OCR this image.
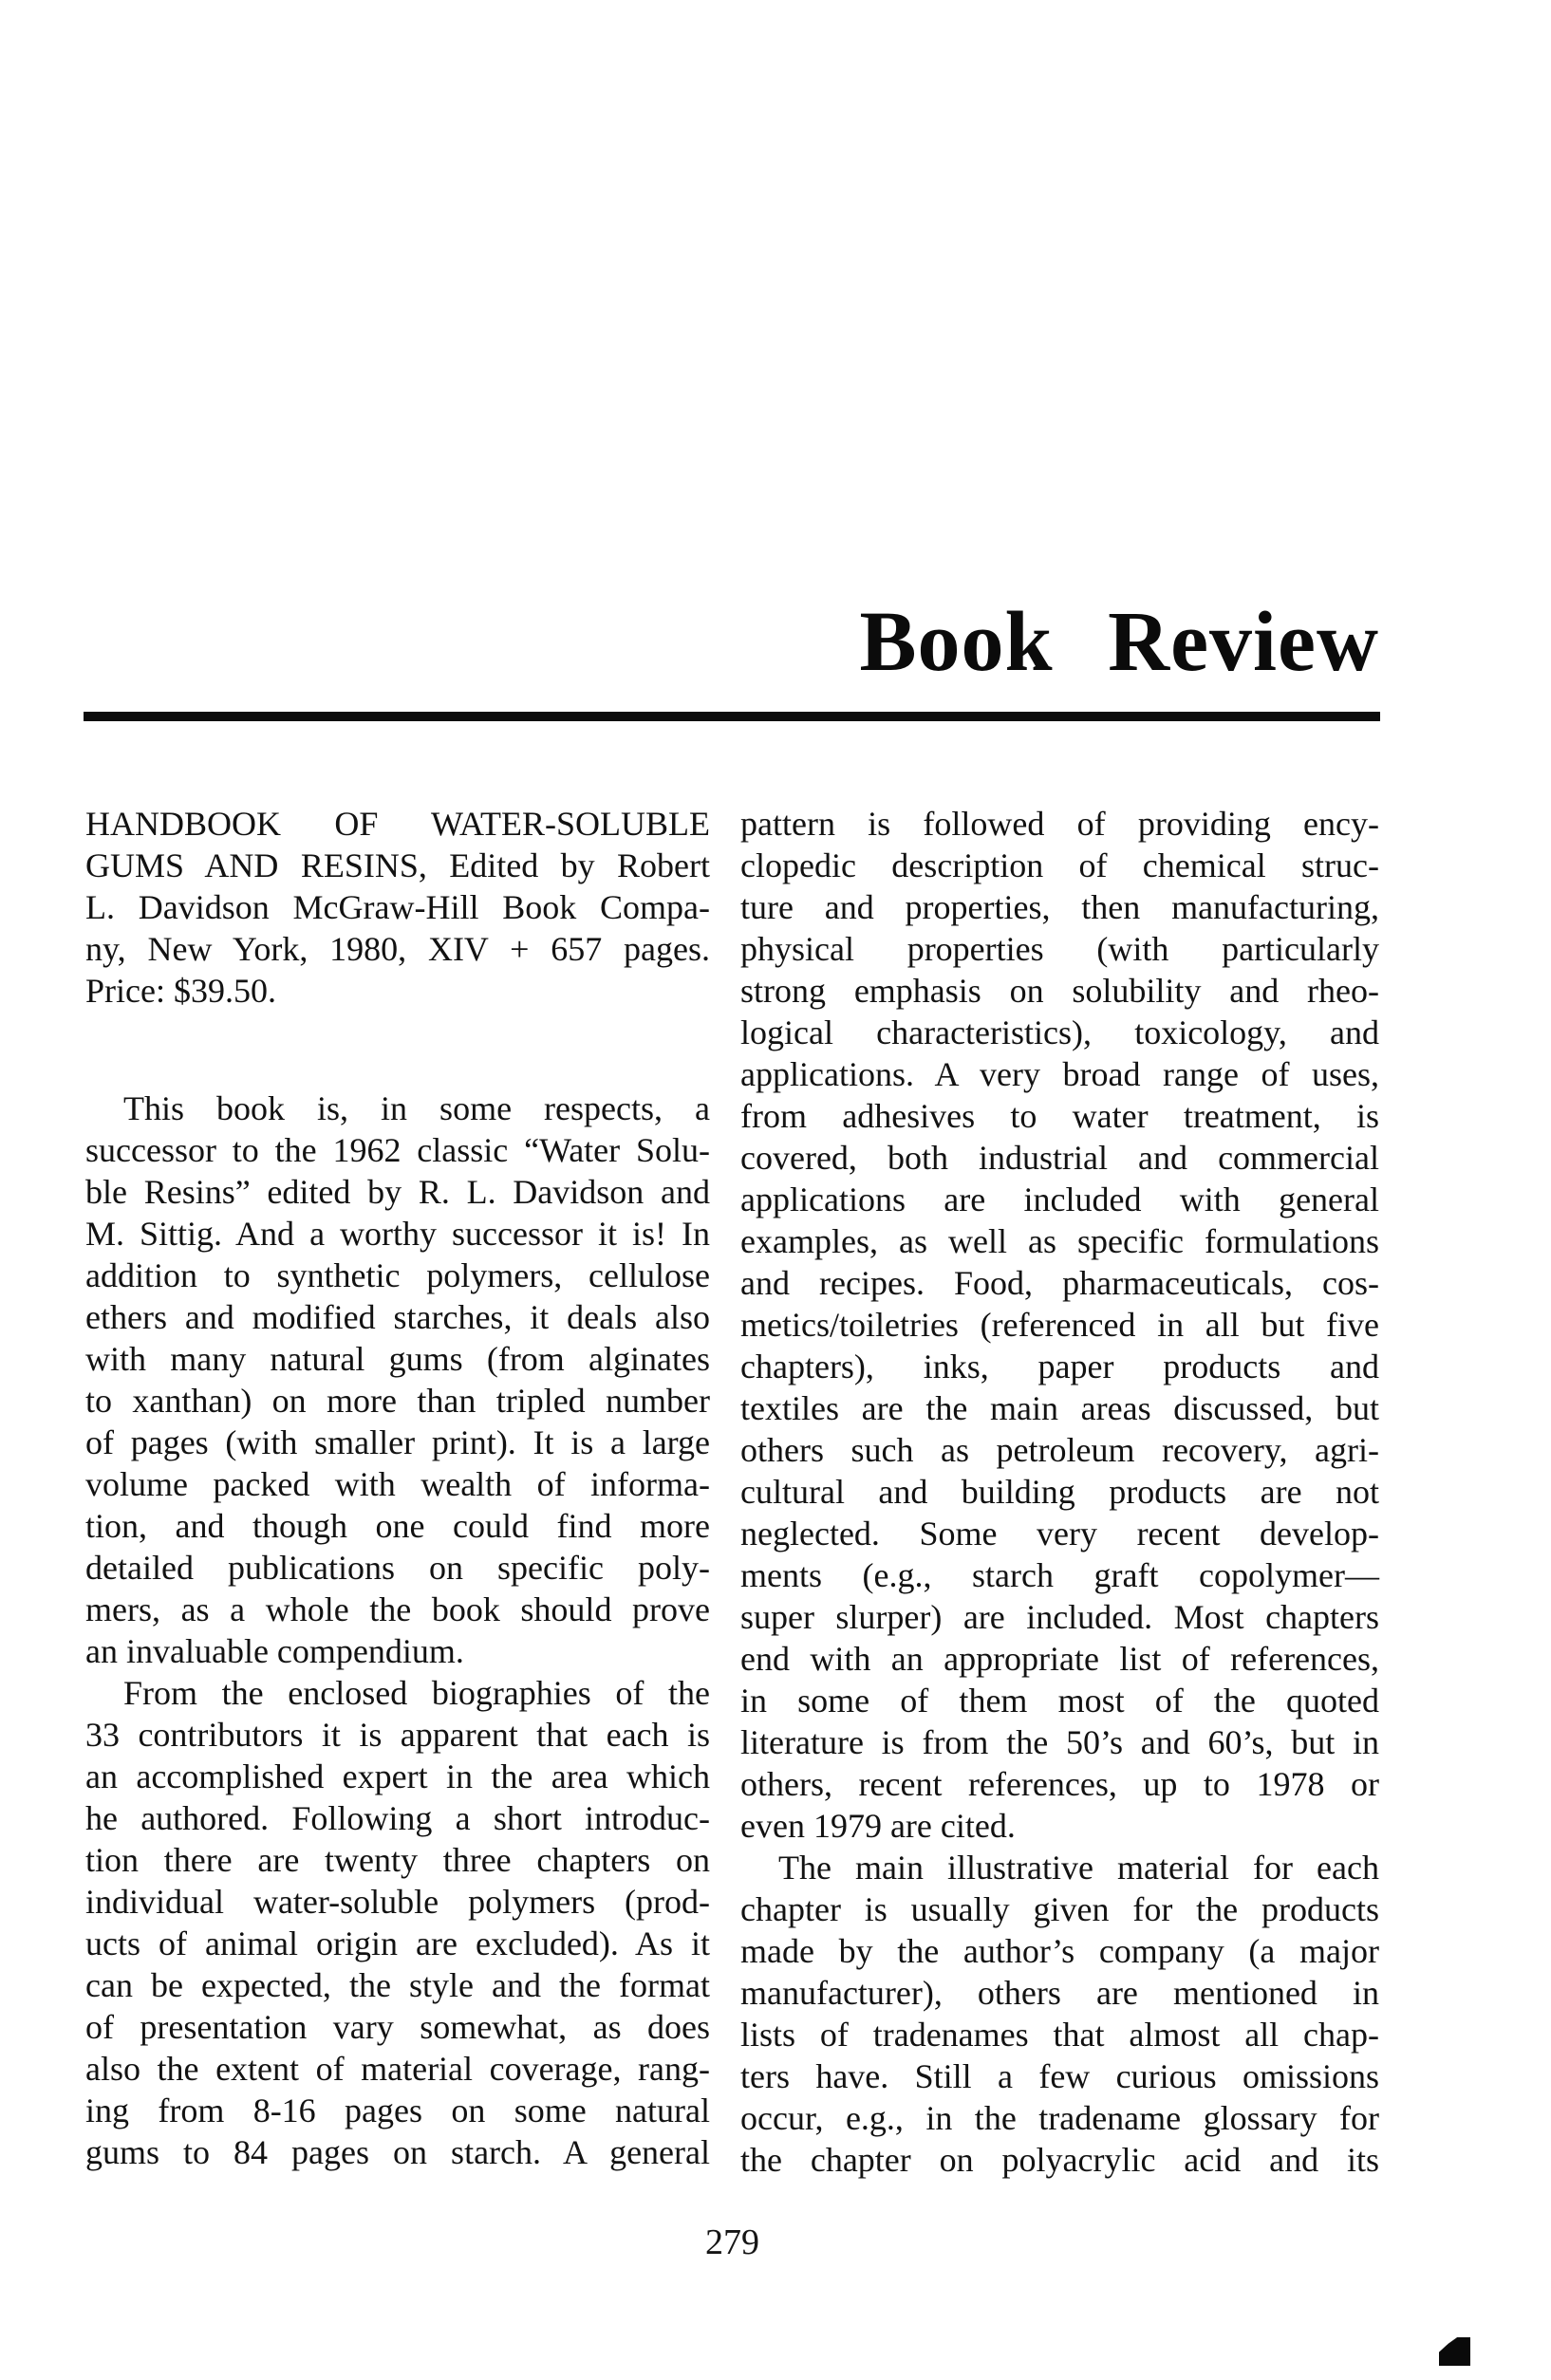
Book Review
HANDBOOK OF WATER-SOLUBLE
GUMS AND RESINS, Edited by Robert
L. Davidson McGraw-Hill Book Compa-
ny, New York, 1980, XIV + 657 pages.
Price: $39.50.
This book is, in some respects, a
successor to the 1962 classic “Water Solu-
ble Resins” edited by R. L. Davidson and
M. Sittig. And a worthy successor it is! In
addition to synthetic polymers, cellulose
ethers and modified starches, it deals also
with many natural gums (from alginates
to xanthan) on more than tripled number
of pages (with smaller print). It is a large
volume packed with wealth of informa-
tion, and though one could find more
detailed publications on specific poly-
mers, as a whole the book should prove
an invaluable compendium.
From the enclosed biographies of the
33 contributors it is apparent that each is
an accomplished expert in the area which
he authored. Following a short introduc-
tion there are twenty three chapters on
individual water-soluble polymers (prod-
ucts of animal origin are excluded). As it
can be expected, the style and the format
of presentation vary somewhat, as does
also the extent of material coverage, rang-
ing from 8-16 pages on some natural
gums to 84 pages on starch. A general
pattern is followed of providing ency-
clopedic description of chemical struc-
ture and properties, then manufacturing,
physical properties (with particularly
strong emphasis on solubility and rheo-
logical characteristics), toxicology, and
applications. A very broad range of uses,
from adhesives to water treatment, is
covered, both industrial and commercial
applications are included with general
examples, as well as specific formulations
and recipes. Food, pharmaceuticals, cos-
metics/toiletries (referenced in all but five
chapters), inks, paper products and
textiles are the main areas discussed, but
others such as petroleum recovery, agri-
cultural and building products are not
neglected. Some very recent develop-
ments (e.g., starch graft copolymer—
super slurper) are included. Most chapters
end with an appropriate list of references,
in some of them most of the quoted
literature is from the 50’s and 60’s, but in
others, recent references, up to 1978 or
even 1979 are cited.
The main illustrative material for each
chapter is usually given for the products
made by the author’s company (a major
manufacturer), others are mentioned in
lists of tradenames that almost all chap-
ters have. Still a few curious omissions
occur, e.g., in the tradename glossary for
the chapter on polyacrylic acid and its
279
